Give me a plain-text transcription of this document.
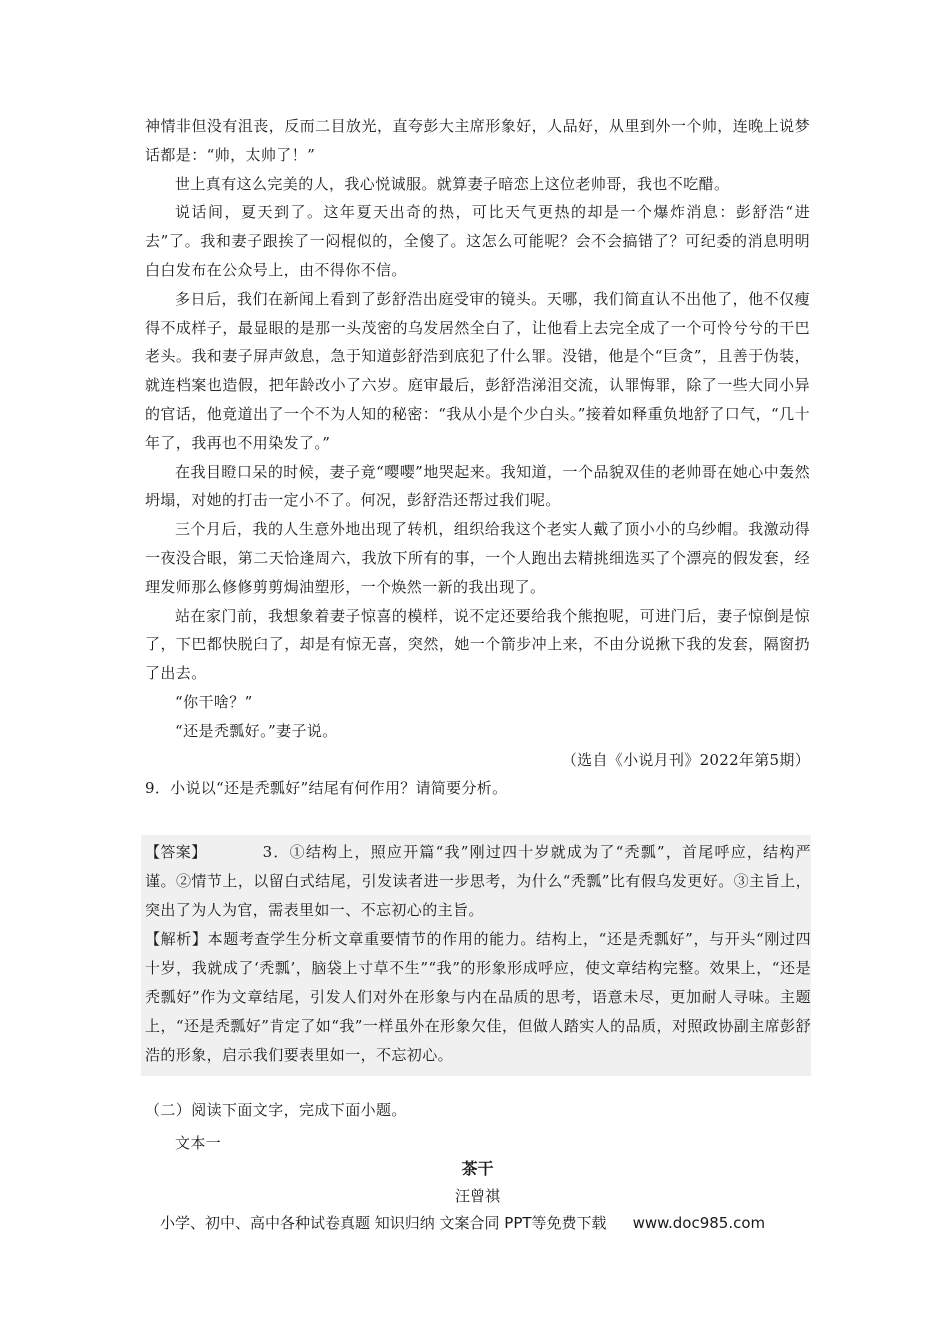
神情非但没有沮丧，反而二目放光，直夸彭大主席形象好，人品好，从里到外一个帅，连晚上说梦话都是：“帅，太帅了！”

世上真有这么完美的人，我心悦诚服。就算妻子暗恋上这位老帅哥，我也不吃醋。

说话间，夏天到了。这年夏天出奇的热，可比天气更热的却是一个爆炸消息：彭舒浩“进去”了。我和妻子跟挨了一闷棍似的，全傻了。这怎么可能呢？会不会搞错了？可纪委的消息明明白白发布在公众号上，由不得你不信。

多日后，我们在新闻上看到了彭舒浩出庭受审的镜头。天哪，我们简直认不出他了，他不仅瘦得不成样子，最显眼的是那一头茂密的乌发居然全白了，让他看上去完全成了一个可怜兮兮的干巴老头。我和妻子屏声敛息，急于知道彭舒浩到底犯了什么罪。没错，他是个“巨贪”，且善于伪装，就连档案也造假，把年龄改小了六岁。庭审最后，彭舒浩涕泪交流，认罪悔罪，除了一些大同小异的官话，他竟道出了一个不为人知的秘密：“我从小是个少白头。”接着如释重负地舒了口气，“几十年了，我再也不用染发了。”

在我目瞪口呆的时候，妻子竟“嘤嘤”地哭起来。我知道，一个品貌双佳的老帅哥在她心中轰然坍塌，对她的打击一定小不了。何况，彭舒浩还帮过我们呢。

三个月后，我的人生意外地出现了转机，组织给我这个老实人戴了顶小小的乌纱帽。我激动得一夜没合眼，第二天恰逢周六，我放下所有的事，一个人跑出去精挑细选买了个漂亮的假发套，经理发师那么修修剪剪焗油塑形，一个焕然一新的我出现了。

站在家门前，我想象着妻子惊喜的模样，说不定还要给我个熊抱呢，可进门后，妻子惊倒是惊了，下巴都快脱臼了，却是有惊无喜，突然，她一个箭步冲上来，不由分说揪下我的发套，隔窗扔了出去。

“你干啥？”

“还是秃瓢好。”妻子说。

（选自《小说月刊》2022年第5期）

9．小说以“还是秃瓢好”结尾有何作用？请简要分析。

【答案】	3．①结构上，照应开篇“我”刚过四十岁就成为了“秃瓢”，首尾呼应，结构严谨。②情节上，以留白式结尾，引发读者进一步思考，为什么“秃瓢”比有假乌发更好。③主旨上，突出了为人为官，需表里如一、不忘初心的主旨。

【解析】本题考查学生分析文章重要情节的作用的能力。结构上，“还是秃瓢好”，与开头“刚过四十岁，我就成了‘秃瓢’，脑袋上寸草不生”“我”的形象形成呼应，使文章结构完整。效果上，“还是秃瓢好”作为文章结尾，引发人们对外在形象与内在品质的思考，语意未尽，更加耐人寻味。主题上，“还是秃瓢好”肯定了如“我”一样虽外在形象欠佳，但做人踏实人的品质，对照政协副主席彭舒浩的形象，启示我们要表里如一，不忘初心。

（二）阅读下面文字，完成下面小题。

文本一

茶干

汪曾祺

小学、初中、高中各种试卷真题 知识归纳 文案合同 PPT等免费下载 www.doc985.com
